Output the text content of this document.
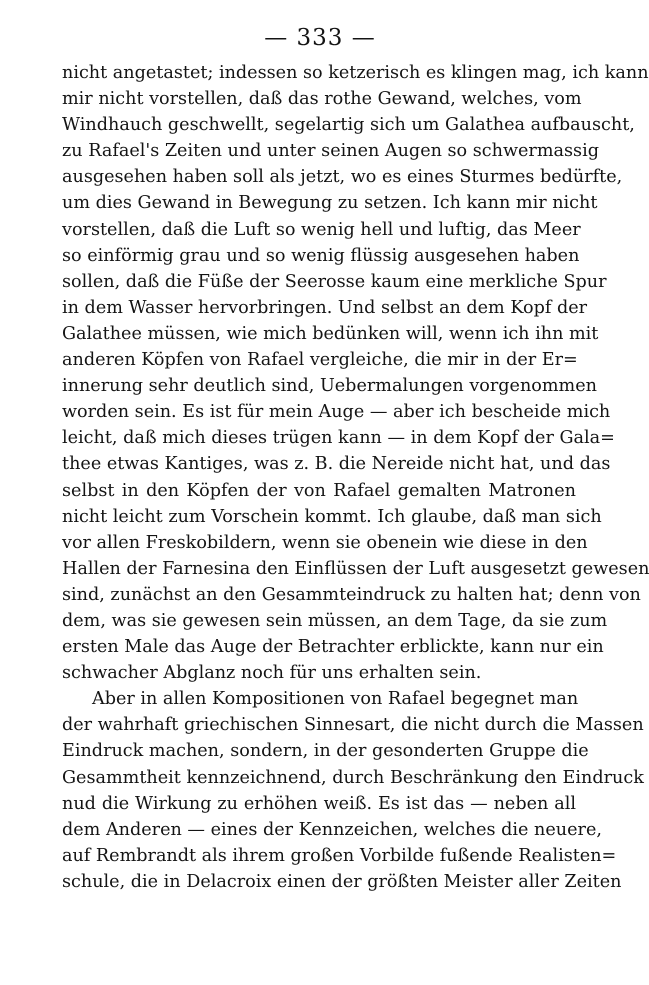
— 333 —
nicht angetastet; indessen so ketzerisch es klingen mag, ich kann
mir nicht vorstellen, daß das rothe Gewand, welches, vom
Windhauch geschwellt, segelartig sich um Galathea aufbauscht,
zu Rafael's Zeiten und unter seinen Augen so schwermassig
ausgesehen haben soll als jetzt, wo es eines Sturmes bedürfte,
um dies Gewand in Bewegung zu setzen. Ich kann mir nicht
vorstellen, daß die Luft so wenig hell und luftig, das Meer
so einförmig grau und so wenig flüssig ausgesehen haben
sollen, daß die Füße der Seerosse kaum eine merkliche Spur
in dem Wasser hervorbringen. Und selbst an dem Kopf der
Galathee müssen, wie mich bedünken will, wenn ich ihn mit
anderen Köpfen von Rafael vergleiche, die mir in der Er=
innerung sehr deutlich sind, Uebermalungen vorgenommen
worden sein. Es ist für mein Auge — aber ich bescheide mich
leicht, daß mich dieses trügen kann — in dem Kopf der Gala=
thee etwas Kantiges, was z. B. die Nereide nicht hat, und das
selbst in den Köpfen der von Rafael gemalten Matronen
nicht leicht zum Vorschein kommt. Ich glaube, daß man sich
vor allen Freskobildern, wenn sie obenein wie diese in den
Hallen der Farnesina den Einflüssen der Luft ausgesetzt gewesen
sind, zunächst an den Gesammteindruck zu halten hat; denn von
dem, was sie gewesen sein müssen, an dem Tage, da sie zum
ersten Male das Auge der Betrachter erblickte, kann nur ein
schwacher Abglanz noch für uns erhalten sein.
Aber in allen Kompositionen von Rafael begegnet man
der wahrhaft griechischen Sinnesart, die nicht durch die Massen
Eindruck machen, sondern, in der gesonderten Gruppe die
Gesammtheit kennzeichnend, durch Beschränkung den Eindruck
nud die Wirkung zu erhöhen weiß. Es ist das — neben all
dem Anderen — eines der Kennzeichen, welches die neuere,
auf Rembrandt als ihrem großen Vorbilde fußende Realisten=
schule, die in Delacroix einen der größten Meister aller Zeiten
